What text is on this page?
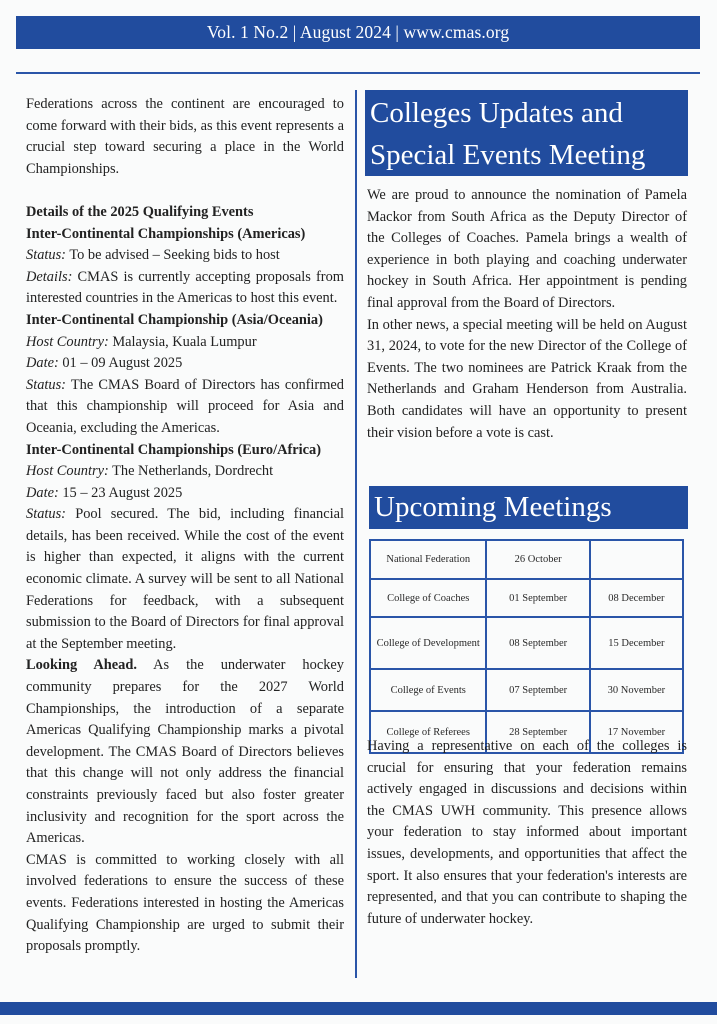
Vol. 1 No.2 | August 2024 | www.cmas.org

Federations across the continent are encouraged to come forward with their bids, as this event represents a crucial step toward securing a place in the World Championships.

Details of the 2025 Qualifying Events

Inter-Continental Championships (Americas)

Status: To be advised – Seeking bids to host

Details: CMAS is currently accepting proposals from interested countries in the Americas to host this event.

Inter-Continental Championship (Asia/Oceania)

Host Country: Malaysia, Kuala Lumpur

Date: 01 – 09 August 2025

Status: The CMAS Board of Directors has confirmed that this championship will proceed for Asia and Oceania, excluding the Americas.

Inter-Continental Championships (Euro/Africa)

Host Country: The Netherlands, Dordrecht

Date: 15 – 23 August 2025

Status: Pool secured. The bid, including financial details, has been received. While the cost of the event is higher than expected, it aligns with the current economic climate. A survey will be sent to all National Federations for feedback, with a subsequent submission to the Board of Directors for final approval at the September meeting.

Looking Ahead. As the underwater hockey community prepares for the 2027 World Championships, the introduction of a separate Americas Qualifying Championship marks a pivotal development. The CMAS Board of Directors believes that this change will not only address the financial constraints previously faced but also foster greater inclusivity and recognition for the sport across the Americas.

CMAS is committed to working closely with all involved federations to ensure the success of these events. Federations interested in hosting the Americas Qualifying Championship are urged to submit their proposals promptly.

Colleges Updates and Special Events Meeting

We are proud to announce the nomination of Pamela Mackor from South Africa as the Deputy Director of the Colleges of Coaches. Pamela brings a wealth of experience in both playing and coaching underwater hockey in South Africa. Her appointment is pending final approval from the Board of Directors.

In other news, a special meeting will be held on August 31, 2024, to vote for the new Director of the College of Events. The two nominees are Patrick Kraak from the Netherlands and Graham Henderson from Australia. Both candidates will have an opportunity to present their vision before a vote is cast.

Upcoming Meetings
National Federation	26 October	
College of Coaches	01 September	08 December
College of Development	08 September	15 December
College of Events	07 September	30 November
College of Referees	28 September	17 November

Having a representative on each of the colleges is crucial for ensuring that your federation remains actively engaged in discussions and decisions within the CMAS UWH community. This presence allows your federation to stay informed about important issues, developments, and opportunities that affect the sport. It also ensures that your federation's interests are represented, and that you can contribute to shaping the future of underwater hockey.
